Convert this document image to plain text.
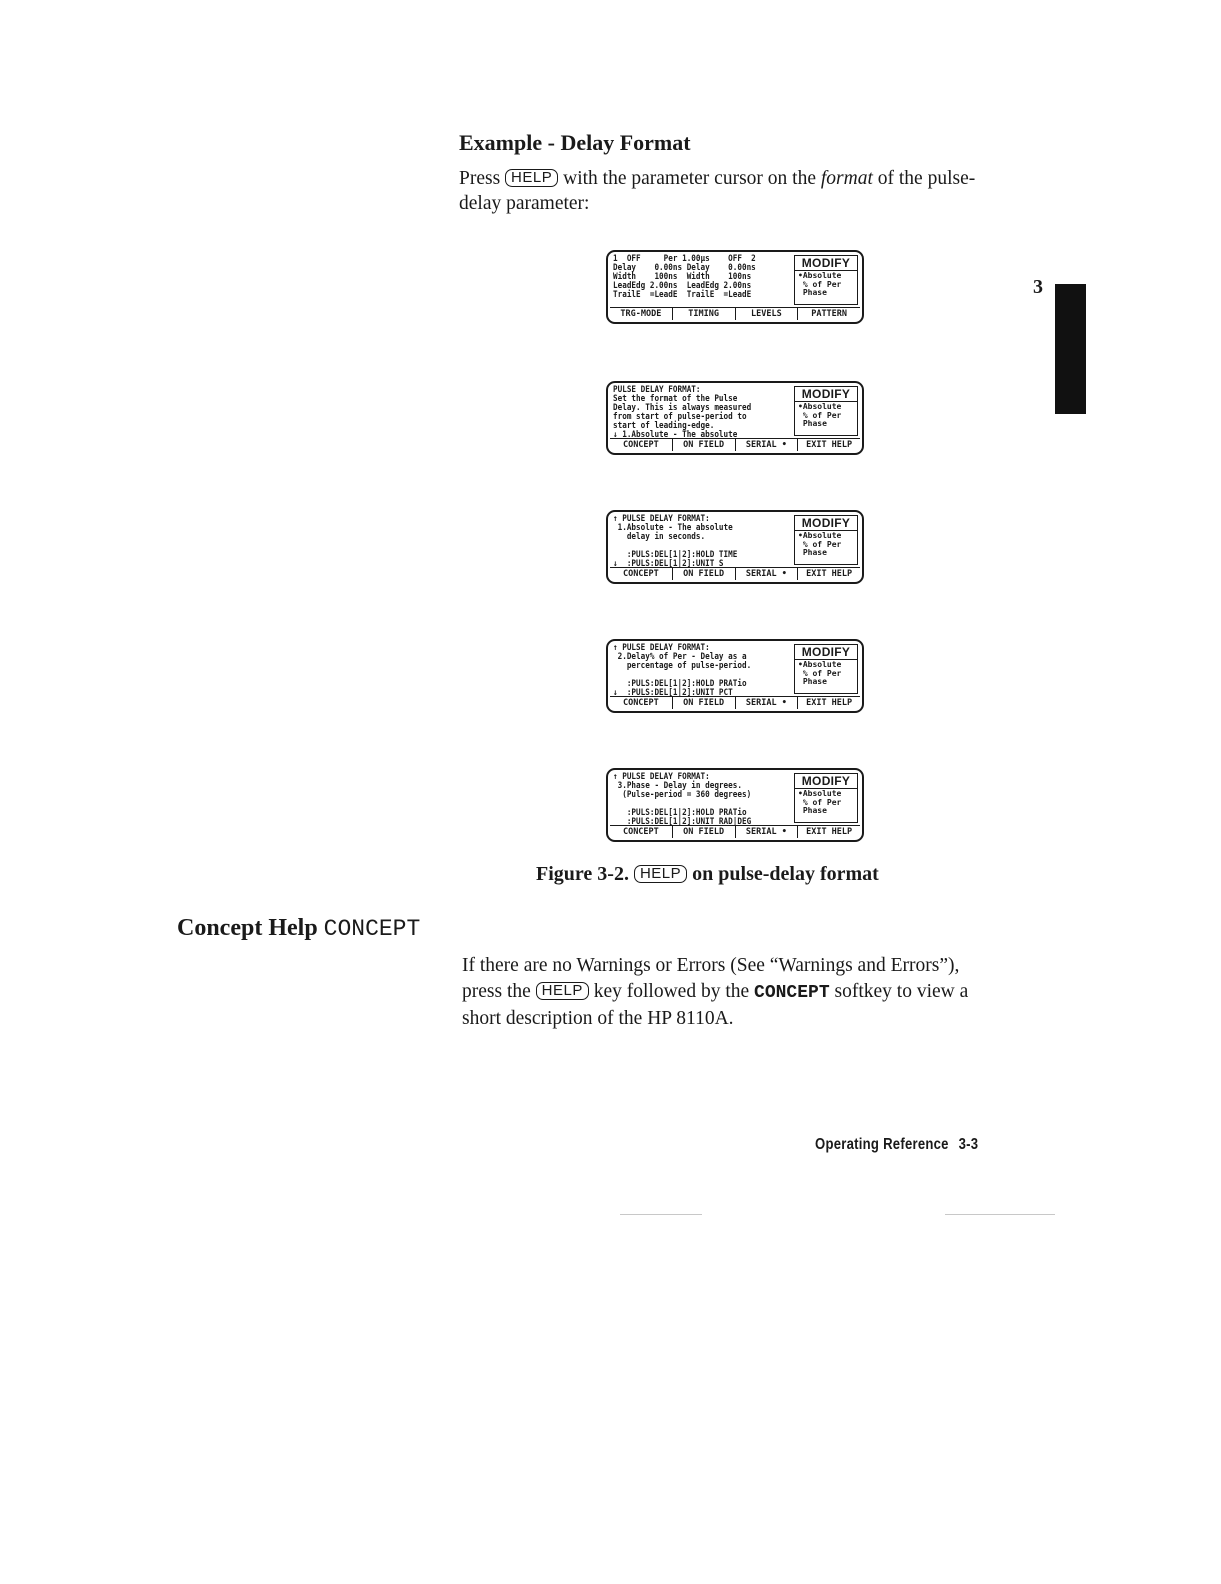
Example - Delay Format
Press HELP with the parameter cursor on the format of the pulse-delay parameter:
3
1  OFF     Per 1.00µs    OFF  2
Delay    0.00ns Delay    0.00ns
Width    100ns  Width    100ns
LeadEdg 2.00ns  LeadEdg 2.00ns
TrailE  =LeadE  TrailE  =LeadE
MODIFY
•Absolute
% of Per
Phase
TRG-MODE	TIMING	LEVELS	PATTERN
PULSE DELAY FORMAT:
Set the format of the Pulse
Delay. This is always measured
from start of pulse-period to
start of leading-edge.
↓ 1.Absolute - The absolute
MODIFY
•Absolute
% of Per
Phase
CONCEPT	ON FIELD	SERIAL •	EXIT HELP
↑ PULSE DELAY FORMAT:
1.Absolute - The absolute
delay in seconds.

:PULS:DEL[1|2]:HOLD TIME
↓  :PULS:DEL[1|2]:UNIT S
MODIFY
•Absolute
% of Per
Phase
CONCEPT	ON FIELD	SERIAL •	EXIT HELP
↑ PULSE DELAY FORMAT:
2.Delay% of Per - Delay as a
percentage of pulse-period.

:PULS:DEL[1|2]:HOLD PRATio
↓  :PULS:DEL[1|2]:UNIT PCT
MODIFY
•Absolute
% of Per
Phase
CONCEPT	ON FIELD	SERIAL •	EXIT HELP
↑ PULSE DELAY FORMAT:
3.Phase - Delay in degrees.
(Pulse-period = 360 degrees)

:PULS:DEL[1|2]:HOLD PRATio
:PULS:DEL[1|2]:UNIT RAD|DEG
MODIFY
•Absolute
% of Per
Phase
CONCEPT	ON FIELD	SERIAL •	EXIT HELP
Figure 3-2. HELP on pulse-delay format
Concept Help CONCEPT
If there are no Warnings or Errors (See “Warnings and Errors”), press the HELP key followed by the CONCEPT softkey to view a short description of the HP 8110A.
Operating Reference 3-3
